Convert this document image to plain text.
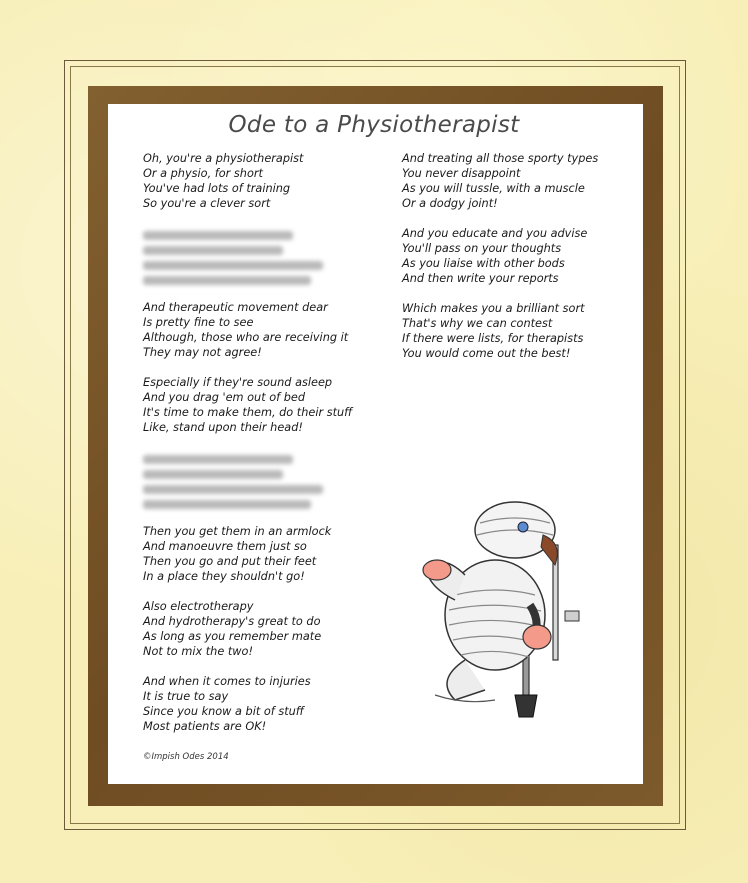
Ode to a Physiotherapist
Oh, you're a physiotherapist
Or a physio, for short
You've had lots of training
So you're a clever sort
And therapeutic movement dear
Is pretty fine to see
Although, those who are receiving it
They may not agree!
Especially if they're sound asleep
And you drag 'em out of bed
It's time to make them, do their stuff
Like, stand upon their head!
Then you get them in an armlock
And manoeuvre them just so
Then you go and put their feet
In a place they shouldn't go!
Also electrotherapy
And hydrotherapy's great to do
As long as you remember mate
Not to mix the two!
And when it comes to injuries
It is true to say
Since you know a bit of stuff
Most patients are OK!
And treating all those sporty types
You never disappoint
As you will tussle, with a muscle
Or a dodgy joint!
And you educate and you advise
You'll pass on your thoughts
As you liaise with other bods
And then write your reports
Which makes you a brilliant sort
That's why we can contest
If there were lists, for therapists
You would come out the best!
©Impish Odes 2014
